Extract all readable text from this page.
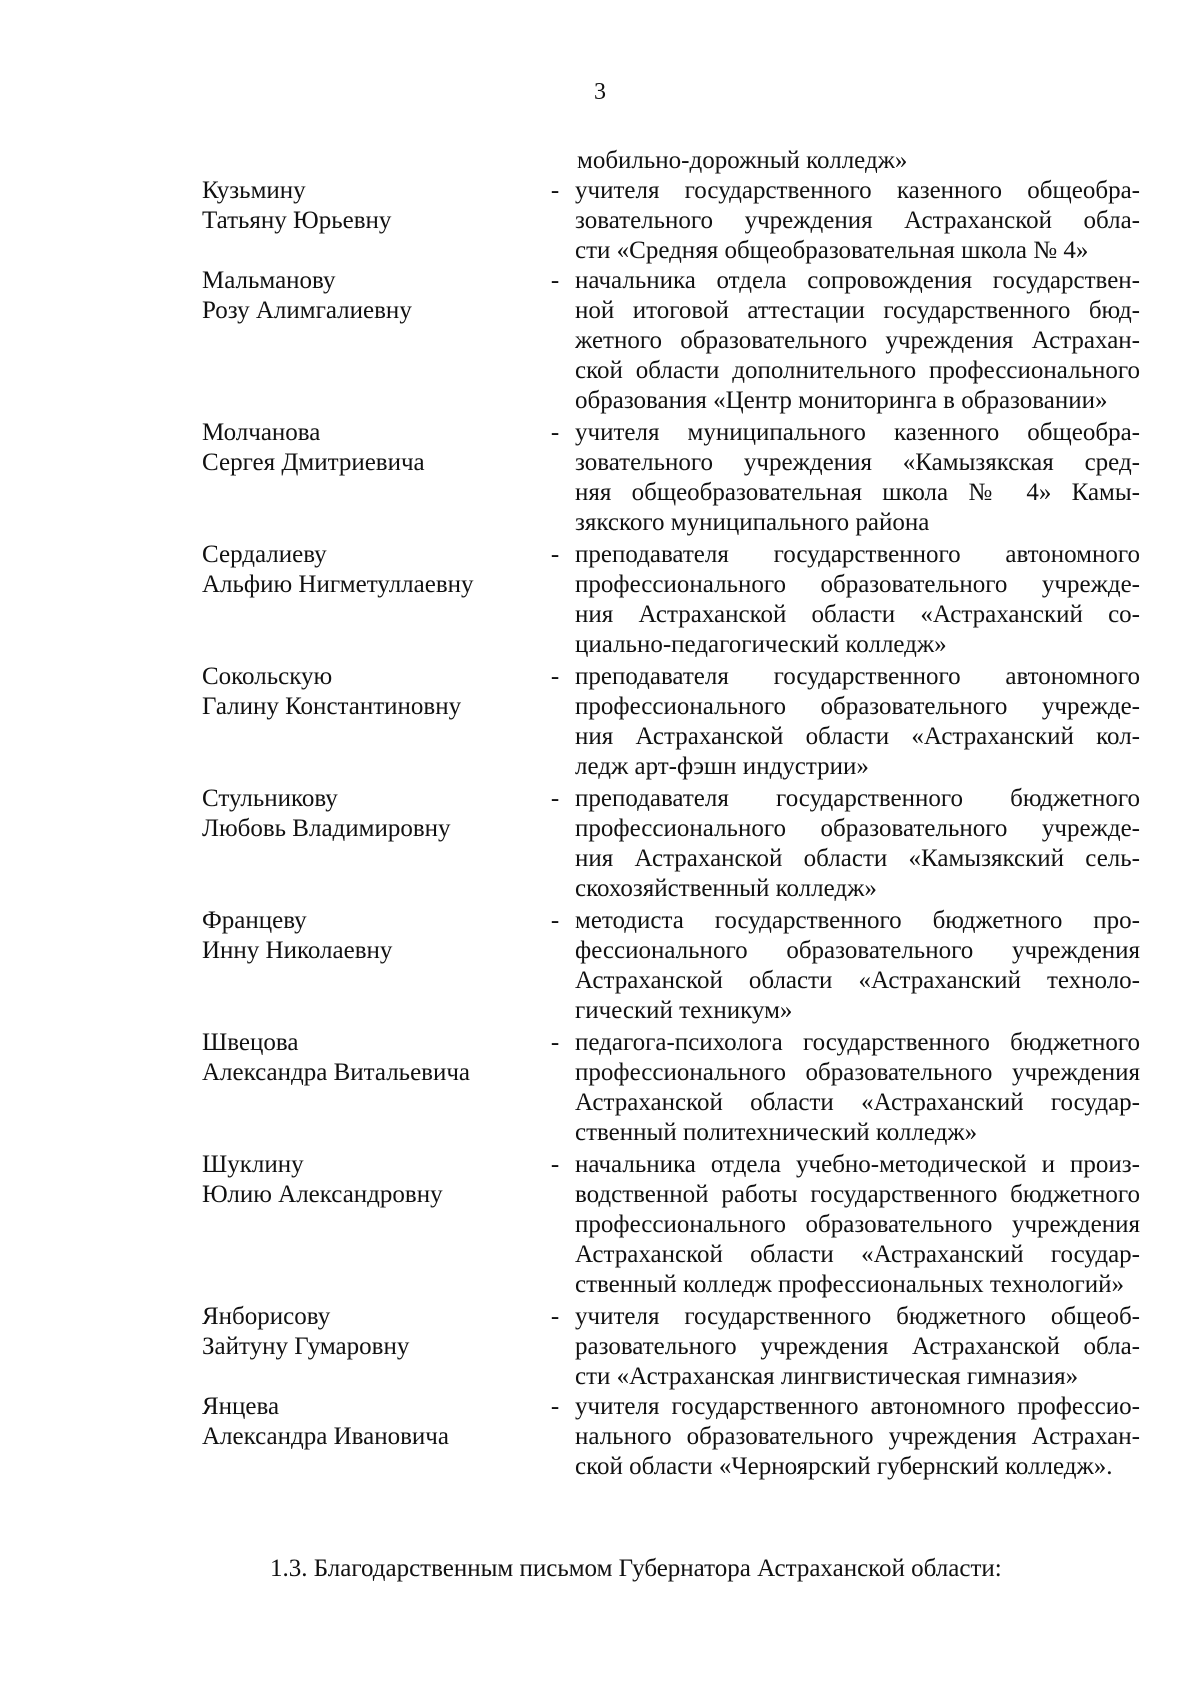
3
мобильно-дорожный колледж»
Кузьмину
Татьяну Юрьевну
- учителя государственного казенного общеобра-
зовательного учреждения Астраханской обла-
сти «Средняя общеобразовательная школа № 4»
Мальманову
Розу Алимгалиевну
- начальника отдела сопровождения государствен-
ной итоговой аттестации государственного бюд-
жетного образовательного учреждения Астрахан-
ской области дополнительного профессионального
образования «Центр мониторинга в образовании»
Молчанова
Сергея Дмитриевича
- учителя муниципального казенного общеобра-
зовательного учреждения «Камызякская сред-
няя общеобразовательная школа № 4» Камы-
зякского муниципального района
Сердалиеву
Альфию Нигметуллаевну
- преподавателя государственного автономного
профессионального образовательного учрежде-
ния Астраханской области «Астраханский со-
циально-педагогический колледж»
Сокольскую
Галину Константиновну
- преподавателя государственного автономного
профессионального образовательного учрежде-
ния Астраханской области «Астраханский кол-
ледж арт-фэшн индустрии»
Стульникову
Любовь Владимировну
- преподавателя государственного бюджетного
профессионального образовательного учрежде-
ния Астраханской области «Камызякский сель-
скохозяйственный колледж»
Францеву
Инну Николаевну
- методиста государственного бюджетного про-
фессионального образовательного учреждения
Астраханской области «Астраханский техноло-
гический техникум»
Швецова
Александра Витальевича
- педагога-психолога государственного бюджетного
профессионального образовательного учреждения
Астраханской области «Астраханский государ-
ственный политехнический колледж»
Шуклину
Юлию Александровну
- начальника отдела учебно-методической и произ-
водственной работы государственного бюджетного
профессионального образовательного учреждения
Астраханской области «Астраханский государ-
ственный колледж профессиональных технологий»
Янборисову
Зайтуну Гумаровну
- учителя государственного бюджетного общеоб-
разовательного учреждения Астраханской обла-
сти «Астраханская лингвистическая гимназия»
Янцева
Александра Ивановича
- учителя государственного автономного профессио-
нального образовательного учреждения Астрахан-
ской области «Черноярский губернский колледж».
1.3. Благодарственным письмом Губернатора Астраханской области:
